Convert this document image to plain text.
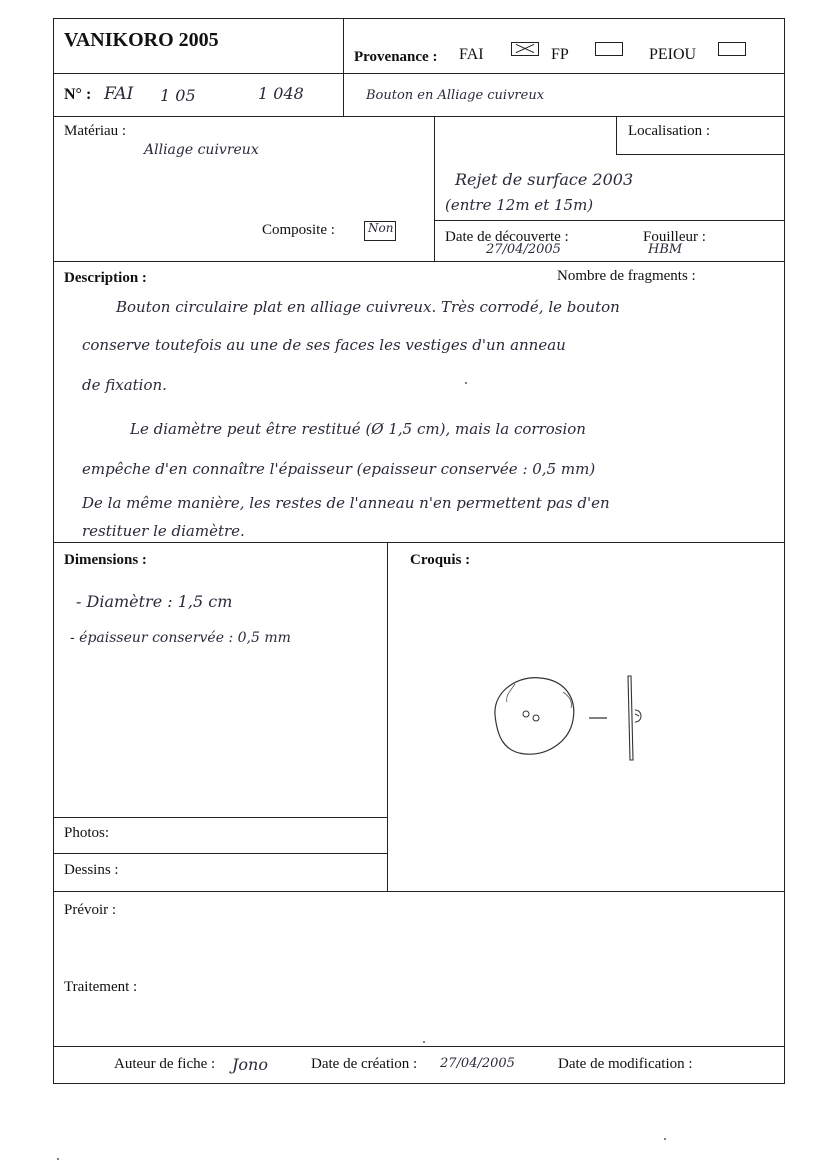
VANIKORO 2005
Provenance : FAI	FP	PEIOU
N° : FAI 1 05	1 048	Bouton en Alliage cuivreux
Matériau :
Alliage cuivreux
Composite :	Non
Localisation :
Rejet de surface 2003
(entre 12m et 15m)
Date de découverte :
27/04/2005
Fouilleur :
HBM
Description :	Nombre de fragments :
Bouton circulaire plat en alliage cuivreux. Très corrodé, le bouton
conserve toutefois au une de ses faces les vestiges d'un anneau
de fixation.
Le diamètre peut être restitué (Ø 1,5 cm), mais la corrosion
empêche d'en connaître l'épaisseur (epaisseur conservée : 0,5 mm)
De la même manière, les restes de l'anneau n'en permettent pas d'en
restituer le diamètre.
Dimensions :
- Diamètre : 1,5 cm
- épaisseur conservée : 0,5 mm
Croquis :
Photos:
Dessins :
Prévoir :
Traitement :
Auteur de fiche : Jono	Date de création : 27/04/2005	Date de modification :
